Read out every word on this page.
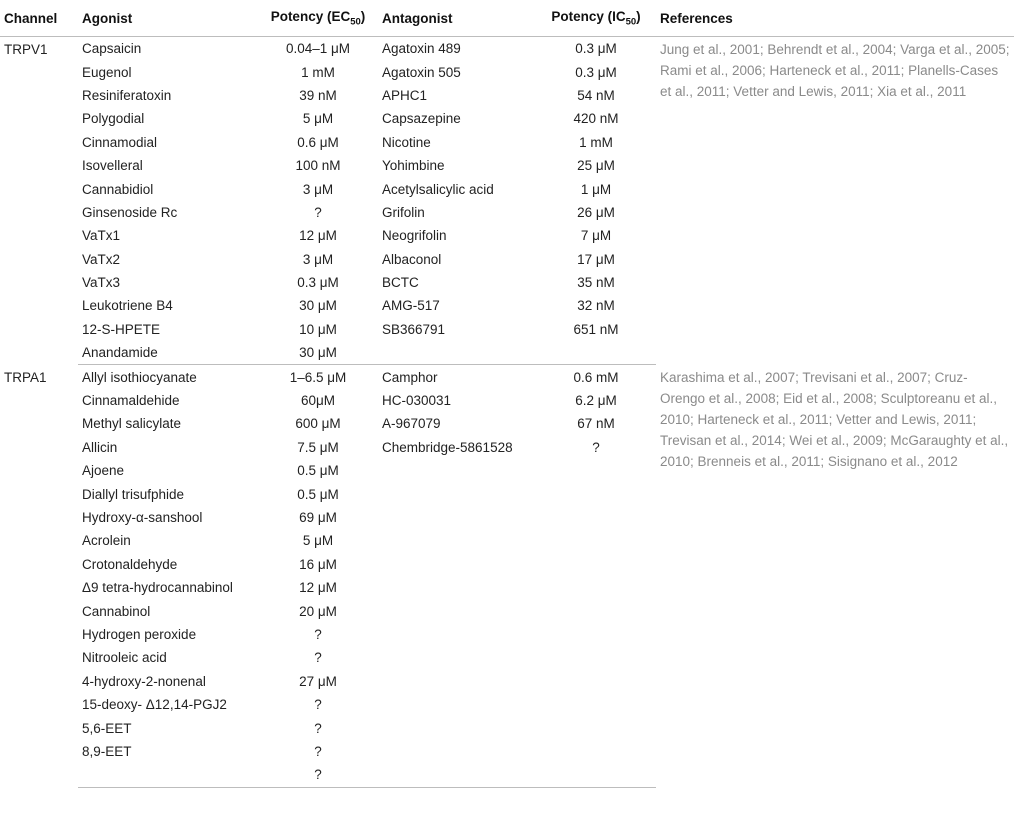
Channel	Agonist	Potency $(EC_{50})$	Antagonist	Potency $(IC_{50})$	References
TRPV1	Capsaicin	0.04–1 μM	Agatoxin 489	0.3 μM	Jung et al., 2001; Behrendt et al., 2004; Varga et al., 2005; Rami et al., 2006; Harteneck et al., 2011; Planells-Cases et al., 2011; Vetter and Lewis, 2011; Xia et al., 2011
	Eugenol	1 mM	Agatoxin 505	0.3 μM	
	Resiniferatoxin	39 nM	APHC1	54 nM	
	Polygodial	5 μM	Capsazepine	420 nM	
	Cinnamodial	0.6 μM	Nicotine	1 mM	
	Isovelleral	100 nM	Yohimbine	25 μM	
	Cannabidiol	3 μM	Acetylsalicylic acid	1 μM	
	Ginsenoside Rc	?	Grifolin	26 μM	
	VaTx1	12 μM	Neogrifolin	7 μM	
	VaTx2	3 μM	Albaconol	17 μM	
	VaTx3	0.3 μM	BCTC	35 nM	
	Leukotriene B4	30 μM	AMG-517	32 nM	
	12-S-HPETE	10 μM	SB366791	651 nM	
	Anandamide	30 μM			
TRPA1	Allyl isothiocyanate	1–6.5 μM	Camphor	0.6 mM	Karashima et al., 2007; Trevisani et al., 2007; Cruz-Orengo et al., 2008; Eid et al., 2008; Sculptoreanu et al., 2010; Harteneck et al., 2011; Vetter and Lewis, 2011; Trevisan et al., 2014; Wei et al., 2009; McGaraughty et al., 2010; Brenneis et al., 2011; Sisignano et al., 2012
	Cinnamaldehide	60μM	HC-030031	6.2 μM	
	Methyl salicylate	600 μM	A-967079	67 nM	
	Allicin	7.5 μM	Chembridge-5861528	?	
	Ajoene	0.5 μM			
	Diallyl trisufphide	0.5 μM			
	Hydroxy-α-sanshool	69 μM			
	Acrolein	5 μM			
	Crotonaldehyde	16 μM			
	Δ9 tetra-hydrocannabinol	12 μM			
	Cannabinol	20 μM			
	Hydrogen peroxide	?			
	Nitrooleic acid	?			
	4-hydroxy-2-nonenal	27 μM			
	15-deoxy- Δ12,14-PGJ2	?			
	5,6-EET	?			
	8,9-EET	?			
		?			
